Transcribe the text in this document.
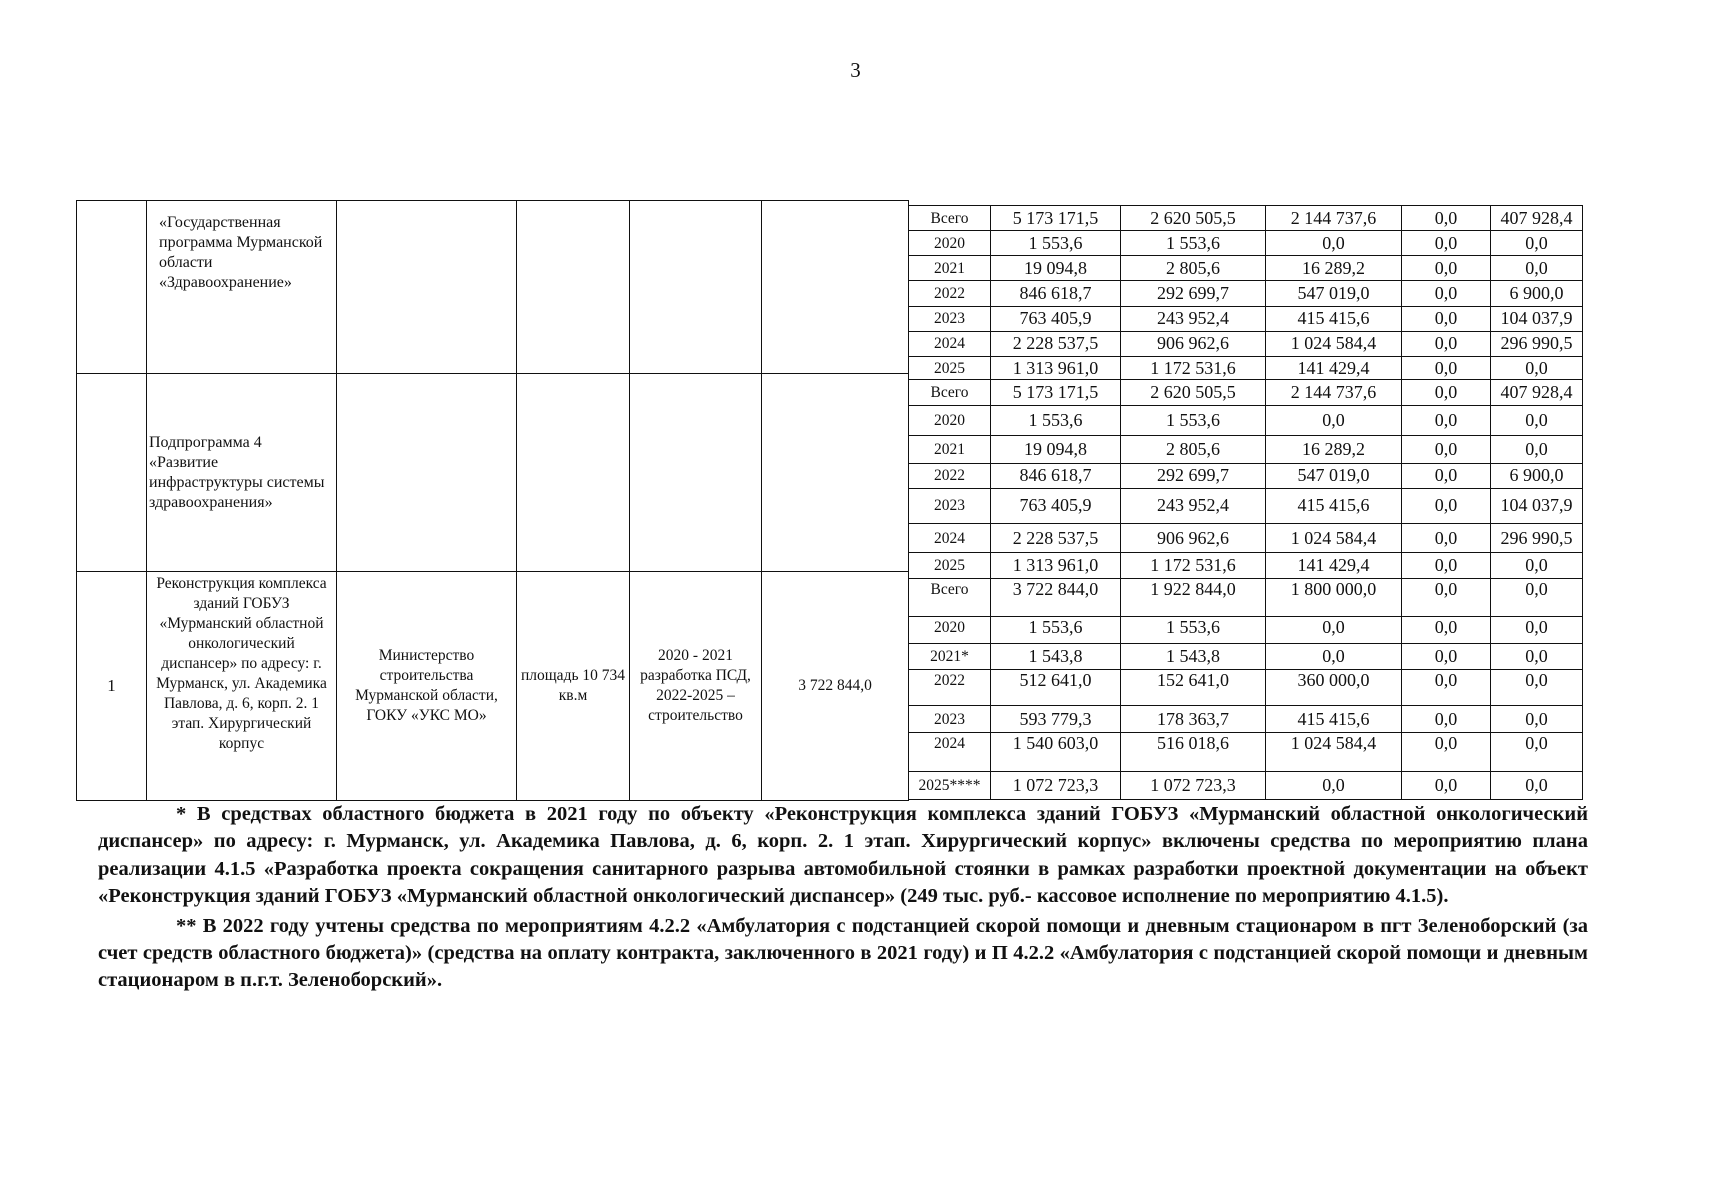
3
	«Государственная программа Мурманской области «Здравоохранение»				
	Подпрограмма 4 «Развитие инфраструктуры системы здравоохранения»				
1	Реконструкция комплекса зданий ГОБУЗ «Мурманский областной онкологический диспансер» по адресу: г. Мурманск, ул. Академика Павлова, д. 6, корп. 2. 1 этап. Хирургический корпус	Министерство строительства Мурманской области, ГОКУ «УКС МО»	площадь 10 734 кв.м	2020 - 2021 разработка ПСД, 2022-2025 – строительство	3 722 844,0
Всего	5 173 171,5	2 620 505,5	2 144 737,6	0,0	407 928,4
2020	1 553,6	1 553,6	0,0	0,0	0,0
2021	19 094,8	2 805,6	16 289,2	0,0	0,0
2022	846 618,7	292 699,7	547 019,0	0,0	6 900,0
2023	763 405,9	243 952,4	415 415,6	0,0	104 037,9
2024	2 228 537,5	906 962,6	1 024 584,4	0,0	296 990,5
2025	1 313 961,0	1 172 531,6	141 429,4	0,0	0,0
Всего	5 173 171,5	2 620 505,5	2 144 737,6	0,0	407 928,4
2020	1 553,6	1 553,6	0,0	0,0	0,0
2021	19 094,8	2 805,6	16 289,2	0,0	0,0
2022	846 618,7	292 699,7	547 019,0	0,0	6 900,0
2023	763 405,9	243 952,4	415 415,6	0,0	104 037,9
2024	2 228 537,5	906 962,6	1 024 584,4	0,0	296 990,5
2025	1 313 961,0	1 172 531,6	141 429,4	0,0	0,0
Всего	3 722 844,0	1 922 844,0	1 800 000,0	0,0	0,0
2020	1 553,6	1 553,6	0,0	0,0	0,0
2021*	1 543,8	1 543,8	0,0	0,0	0,0
2022	512 641,0	152 641,0	360 000,0	0,0	0,0
2023	593 779,3	178 363,7	415 415,6	0,0	0,0
2024	1 540 603,0	516 018,6	1 024 584,4	0,0	0,0
2025****	1 072 723,3	1 072 723,3	0,0	0,0	0,0

* В средствах областного бюджета в 2021 году по объекту «Реконструкция комплекса зданий ГОБУЗ «Мурманский областной онкологический диспансер» по адресу: г. Мурманск, ул. Академика Павлова, д. 6, корп. 2. 1 этап. Хирургический корпус» включены средства по мероприятию плана реализации 4.1.5 «Разработка проекта сокращения санитарного разрыва автомобильной стоянки в рамках разработки проектной документации на объект «Реконструкция зданий ГОБУЗ «Мурманский областной онкологический диспансер» (249 тыс. руб.- кассовое исполнение по мероприятию 4.1.5).

** В 2022 году учтены средства по мероприятиям 4.2.2 «Амбулатория с подстанцией скорой помощи и дневным стационаром в пгт Зеленоборский (за счет средств областного бюджета)» (средства на оплату контракта, заключенного в 2021 году) и П 4.2.2 «Амбулатория с подстанцией скорой помощи и дневным стационаром в п.г.т. Зеленоборский».
